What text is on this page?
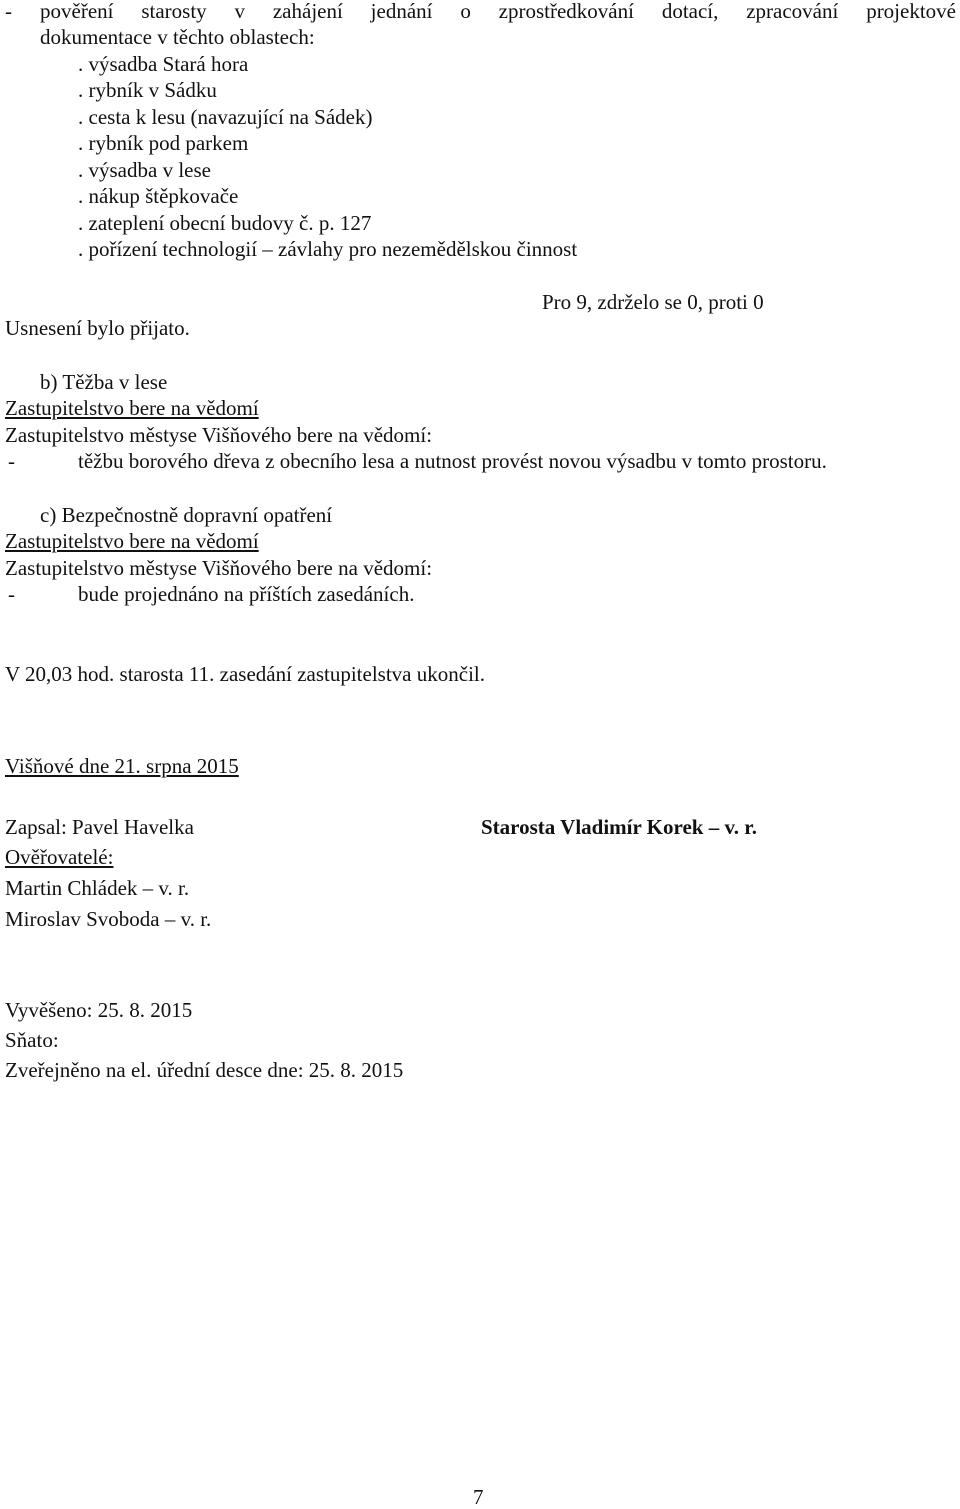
- pověření starosty v zahájení jednání o zprostředkování dotací, zpracování projektové
dokumentace v těchto oblastech:
. výsadba Stará hora
. rybník v Sádku
. cesta k lesu (navazující na Sádek)
. rybník pod parkem
. výsadba v lese
. nákup štěpkovače
. zateplení obecní budovy č. p. 127
. pořízení technologií – závlahy pro nezemědělskou činnost
Pro 9, zdrželo se 0, proti 0
Usnesení bylo přijato.
b) Těžba v lese
Zastupitelstvo bere na vědomí
Zastupitelstvo městyse Višňového bere na vědomí:
-	těžbu borového dřeva z obecního lesa a nutnost provést novou výsadbu v tomto prostoru.
c) Bezpečnostně dopravní opatření
Zastupitelstvo bere na vědomí
Zastupitelstvo městyse Višňového bere na vědomí:
-	bude projednáno na příštích zasedáních.
V 20,03 hod. starosta 11. zasedání zastupitelstva ukončil.
Višňové dne 21. srpna 2015
Zapsal: Pavel Havelka	Starosta Vladimír Korek – v. r.
Ověřovatelé:
Martin Chládek – v. r.
Miroslav Svoboda – v. r.
Vyvěšeno: 25. 8. 2015
Sňato:
Zveřejněno na el. úřední desce dne: 25. 8. 2015
7
